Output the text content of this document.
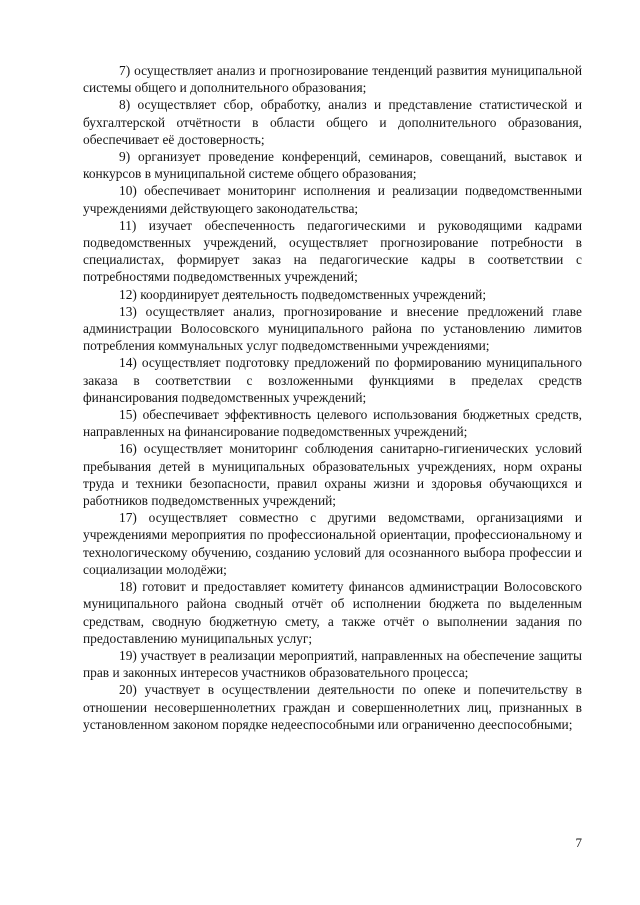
7) осуществляет анализ и прогнозирование тенденций развития муниципальной системы общего и дополнительного образования;

8) осуществляет сбор, обработку, анализ и представление статистической и бухгалтерской отчётности в области общего и дополнительного образования, обеспечивает её достоверность;

9) организует проведение конференций, семинаров, совещаний, выставок и конкурсов в муниципальной системе общего образования;

10) обеспечивает мониторинг исполнения и реализации подведомственными учреждениями действующего законодательства;

11) изучает обеспеченность педагогическими и руководящими кадрами подведомственных учреждений, осуществляет прогнозирование потребности в специалистах, формирует заказ на педагогические кадры в соответствии с потребностями подведомственных учреждений;

12) координирует деятельность подведомственных учреждений;

13) осуществляет анализ, прогнозирование и внесение предложений главе администрации Волосовского муниципального района по установлению лимитов потребления коммунальных услуг подведомственными учреждениями;

14) осуществляет подготовку предложений по формированию муниципального заказа в соответствии с возложенными функциями в пределах средств финансирования подведомственных учреждений;

15) обеспечивает эффективность целевого использования бюджетных средств, направленных на финансирование подведомственных учреждений;

16) осуществляет мониторинг соблюдения санитарно-гигиенических условий пребывания детей в муниципальных образовательных учреждениях, норм охраны труда и техники безопасности, правил охраны жизни и здоровья обучающихся и работников подведомственных учреждений;

17) осуществляет совместно с другими ведомствами, организациями и учреждениями мероприятия по профессиональной ориентации, профессиональному и технологическому обучению, созданию условий для осознанного выбора профессии и социализации молодёжи;

18) готовит и предоставляет комитету финансов администрации Волосовского муниципального района сводный отчёт об исполнении бюджета по выделенным средствам, сводную бюджетную смету, а также отчёт о выполнении задания по предоставлению муниципальных услуг;

19) участвует в реализации мероприятий, направленных на обеспечение защиты прав и законных интересов участников образовательного процесса;

20) участвует в осуществлении деятельности по опеке и попечительству в отношении несовершеннолетних граждан и совершеннолетних лиц, признанных в установленном законом порядке недееспособными или ограниченно дееспособными;

7
